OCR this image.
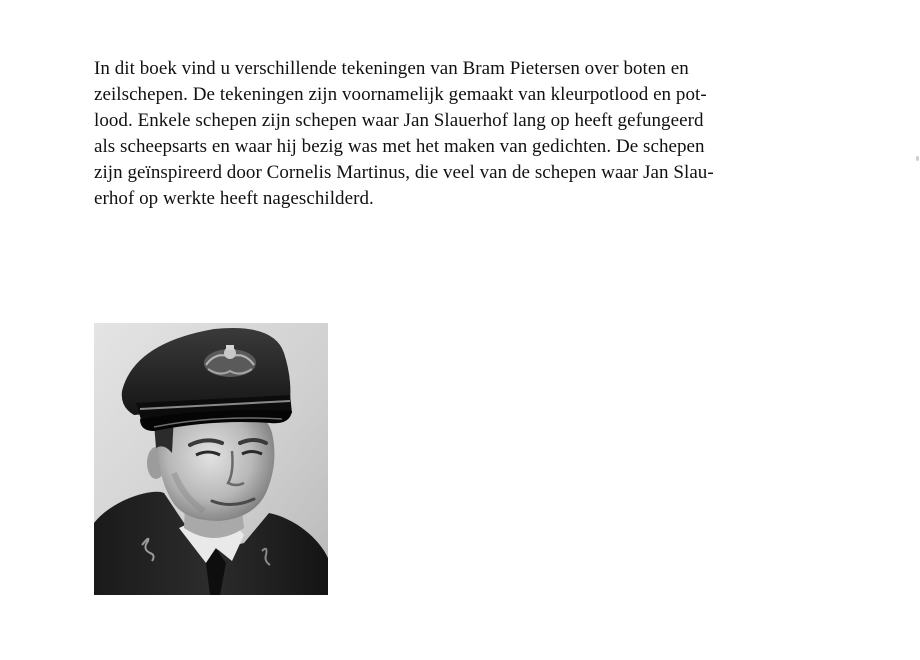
In dit boek vind u verschillende tekeningen van Bram Pietersen over boten en
zeilschepen. De tekeningen zijn voornamelijk gemaakt van kleurpotlood en pot-
lood. Enkele schepen zijn schepen waar Jan Slauerhof lang op heeft gefungeerd
als scheepsarts en waar hij bezig was met het maken van gedichten. De schepen
zijn geïnspireerd door Cornelis Martinus, die veel van de schepen waar Jan Slau-
erhof op werkte heeft nageschilderd.
